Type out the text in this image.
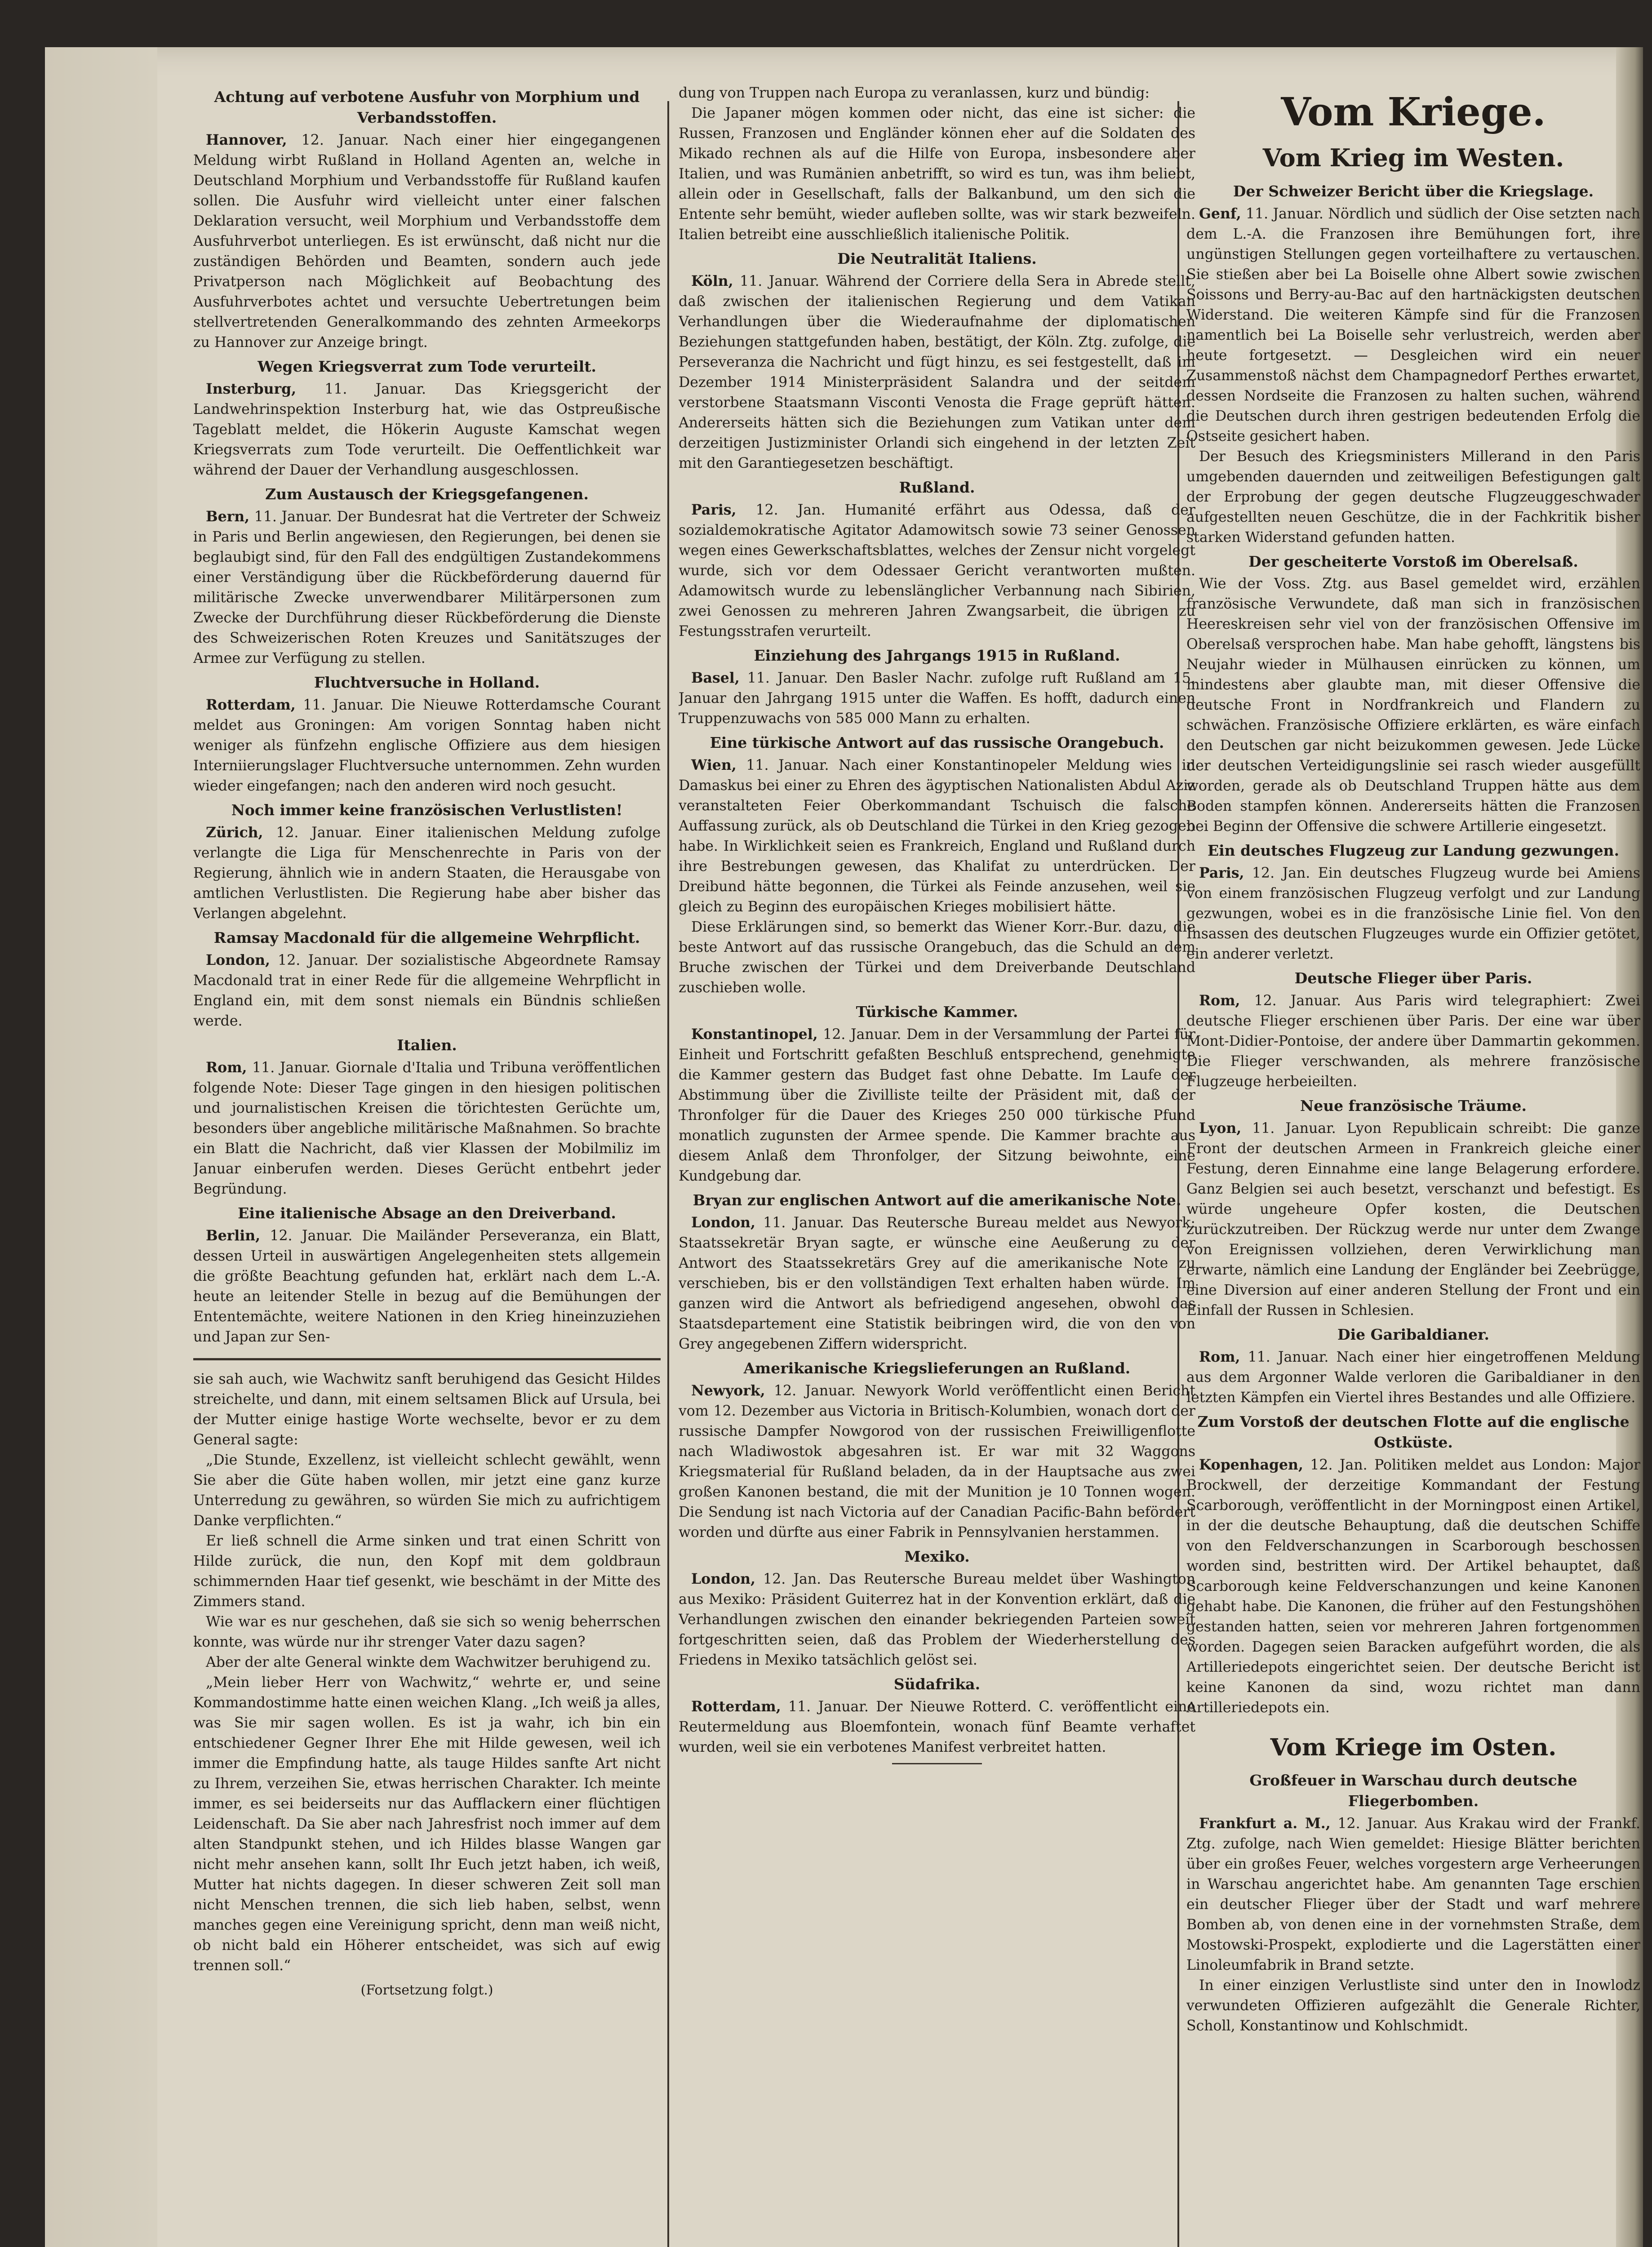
Achtung auf verbotene Ausfuhr von Morphium und Verbandsstoffen.

Hannover, 12. Januar. Nach einer hier eingegangenen Meldung wirbt Rußland in Holland Agenten an, welche in Deutschland Morphium und Verbandsstoffe für Rußland kaufen sollen. Die Ausfuhr wird vielleicht unter einer falschen Deklaration versucht, weil Morphium und Verbandsstoffe dem Ausfuhrverbot unterliegen. Es ist erwünscht, daß nicht nur die zuständigen Behörden und Beamten, sondern auch jede Privatperson nach Möglichkeit auf Beobachtung des Ausfuhrverbotes achtet und versuchte Uebertretungen beim stellvertretenden Generalkommando des zehnten Armeekorps zu Hannover zur Anzeige bringt.

Wegen Kriegsverrat zum Tode verurteilt.

Insterburg, 11. Januar. Das Kriegsgericht der Landwehrinspektion Insterburg hat, wie das Ostpreußische Tageblatt meldet, die Hökerin Auguste Kamschat wegen Kriegsverrats zum Tode verurteilt. Die Oeffentlichkeit war während der Dauer der Verhandlung ausgeschlossen.

Zum Austausch der Kriegsgefangenen.

Bern, 11. Januar. Der Bundesrat hat die Vertreter der Schweiz in Paris und Berlin angewiesen, den Regierungen, bei denen sie beglaubigt sind, für den Fall des endgültigen Zustandekommens einer Verständigung über die Rückbeförderung dauernd für militärische Zwecke unverwendbarer Militärpersonen zum Zwecke der Durchführung dieser Rückbeförderung die Dienste des Schweizerischen Roten Kreuzes und Sanitätszuges der Armee zur Verfügung zu stellen.

Fluchtversuche in Holland.

Rotterdam, 11. Januar. Die Nieuwe Rotterdamsche Courant meldet aus Groningen: Am vorigen Sonntag haben nicht weniger als fünfzehn englische Offiziere aus dem hiesigen Interniierungslager Fluchtversuche unternommen. Zehn wurden wieder eingefangen; nach den anderen wird noch gesucht.

Noch immer keine französischen Verlustlisten!

Zürich, 12. Januar. Einer italienischen Meldung zufolge verlangte die Liga für Menschenrechte in Paris von der Regierung, ähnlich wie in andern Staaten, die Herausgabe von amtlichen Verlustlisten. Die Regierung habe aber bisher das Verlangen abgelehnt.

Ramsay Macdonald für die allgemeine Wehrpflicht.

London, 12. Januar. Der sozialistische Abgeordnete Ramsay Macdonald trat in einer Rede für die allgemeine Wehrpflicht in England ein, mit dem sonst niemals ein Bündnis schließen werde.

Italien.

Rom, 11. Januar. Giornale d'Italia und Tribuna veröffentlichen folgende Note: Dieser Tage gingen in den hiesigen politischen und journalistischen Kreisen die törichtesten Gerüchte um, besonders über angebliche militärische Maßnahmen. So brachte ein Blatt die Nachricht, daß vier Klassen der Mobilmiliz im Januar einberufen werden. Dieses Gerücht entbehrt jeder Begründung.

Eine italienische Absage an den Dreiverband.

Berlin, 12. Januar. Die Mailänder Perseveranza, ein Blatt, dessen Urteil in auswärtigen Angelegenheiten stets allgemein die größte Beachtung gefunden hat, erklärt nach dem L.-A. heute an leitender Stelle in bezug auf die Bemühungen der Ententemächte, weitere Nationen in den Krieg hineinzuziehen und Japan zur Sen-

sie sah auch, wie Wachwitz sanft beruhigend das Gesicht Hildes streichelte, und dann, mit einem seltsamen Blick auf Ursula, bei der Mutter einige hastige Worte wechselte, bevor er zu dem General sagte:

„Die Stunde, Exzellenz, ist vielleicht schlecht gewählt, wenn Sie aber die Güte haben wollen, mir jetzt eine ganz kurze Unterredung zu gewähren, so würden Sie mich zu aufrichtigem Danke verpflichten.“

Er ließ schnell die Arme sinken und trat einen Schritt von Hilde zurück, die nun, den Kopf mit dem goldbraun schimmernden Haar tief gesenkt, wie beschämt in der Mitte des Zimmers stand.

Wie war es nur geschehen, daß sie sich so wenig beherrschen konnte, was würde nur ihr strenger Vater dazu sagen?

Aber der alte General winkte dem Wachwitzer beruhigend zu.

„Mein lieber Herr von Wachwitz,“ wehrte er, und seine Kommandostimme hatte einen weichen Klang. „Ich weiß ja alles, was Sie mir sagen wollen. Es ist ja wahr, ich bin ein entschiedener Gegner Ihrer Ehe mit Hilde gewesen, weil ich immer die Empfindung hatte, als tauge Hildes sanfte Art nicht zu Ihrem, verzeihen Sie, etwas herrischen Charakter. Ich meinte immer, es sei beiderseits nur das Aufflackern einer flüchtigen Leidenschaft. Da Sie aber nach Jahresfrist noch immer auf dem alten Standpunkt stehen, und ich Hildes blasse Wangen gar nicht mehr ansehen kann, sollt Ihr Euch jetzt haben, ich weiß, Mutter hat nichts dagegen. In dieser schweren Zeit soll man nicht Menschen trennen, die sich lieb haben, selbst, wenn manches gegen eine Vereinigung spricht, denn man weiß nicht, ob nicht bald ein Höherer entscheidet, was sich auf ewig trennen soll.“

(Fortsetzung folgt.)

dung von Truppen nach Europa zu veranlassen, kurz und bündig:

Die Japaner mögen kommen oder nicht, das eine ist sicher: die Russen, Franzosen und Engländer können eher auf die Soldaten des Mikado rechnen als auf die Hilfe von Europa, insbesondere aber Italien, und was Rumänien anbetrifft, so wird es tun, was ihm beliebt, allein oder in Gesellschaft, falls der Balkanbund, um den sich die Entente sehr bemüht, wieder aufleben sollte, was wir stark bezweifeln. Italien betreibt eine ausschließlich italienische Politik.

Die Neutralität Italiens.

Köln, 11. Januar. Während der Corriere della Sera in Abrede stellt, daß zwischen der italienischen Regierung und dem Vatikan Verhandlungen über die Wiederaufnahme der diplomatischen Beziehungen stattgefunden haben, bestätigt, der Köln. Ztg. zufolge, die Perseveranza die Nachricht und fügt hinzu, es sei festgestellt, daß im Dezember 1914 Ministerpräsident Salandra und der seitdem verstorbene Staatsmann Visconti Venosta die Frage geprüft hätten. Andererseits hätten sich die Beziehungen zum Vatikan unter dem derzeitigen Justizminister Orlandi sich eingehend in der letzten Zeit mit den Garantiegesetzen beschäftigt.

Rußland.

Paris, 12. Jan. Humanité erfährt aus Odessa, daß der sozialdemokratische Agitator Adamowitsch sowie 73 seiner Genossen wegen eines Gewerkschaftsblattes, welches der Zensur nicht vorgelegt wurde, sich vor dem Odessaer Gericht verantworten mußten. Adamowitsch wurde zu lebenslänglicher Verbannung nach Sibirien, zwei Genossen zu mehreren Jahren Zwangsarbeit, die übrigen zu Festungsstrafen verurteilt.

Einziehung des Jahrgangs 1915 in Rußland.

Basel, 11. Januar. Den Basler Nachr. zufolge ruft Rußland am 15. Januar den Jahrgang 1915 unter die Waffen. Es hofft, dadurch einen Truppenzuwachs von 585 000 Mann zu erhalten.

Eine türkische Antwort auf das russische Orangebuch.

Wien, 11. Januar. Nach einer Konstantinopeler Meldung wies in Damaskus bei einer zu Ehren des ägyptischen Nationalisten Abdul Aziz veranstalteten Feier Oberkommandant Tschuisch die falsche Auffassung zurück, als ob Deutschland die Türkei in den Krieg gezogen habe. In Wirklichkeit seien es Frankreich, England und Rußland durch ihre Bestrebungen gewesen, das Khalifat zu unterdrücken. Der Dreibund hätte begonnen, die Türkei als Feinde anzusehen, weil sie gleich zu Beginn des europäischen Krieges mobilisiert hätte.

Diese Erklärungen sind, so bemerkt das Wiener Korr.-Bur. dazu, die beste Antwort auf das russische Orangebuch, das die Schuld an dem Bruche zwischen der Türkei und dem Dreiverbande Deutschland zuschieben wolle.

Türkische Kammer.

Konstantinopel, 12. Januar. Dem in der Versammlung der Partei für Einheit und Fortschritt gefaßten Beschluß entsprechend, genehmigte die Kammer gestern das Budget fast ohne Debatte. Im Laufe der Abstimmung über die Zivilliste teilte der Präsident mit, daß der Thronfolger für die Dauer des Krieges 250 000 türkische Pfund monatlich zugunsten der Armee spende. Die Kammer brachte aus diesem Anlaß dem Thronfolger, der Sitzung beiwohnte, eine Kundgebung dar.

Bryan zur englischen Antwort auf die amerikanische Note.

London, 11. Januar. Das Reutersche Bureau meldet aus Newyork: Staatssekretär Bryan sagte, er wünsche eine Aeußerung zu der Antwort des Staatssekretärs Grey auf die amerikanische Note zu verschieben, bis er den vollständigen Text erhalten haben würde. Im ganzen wird die Antwort als befriedigend angesehen, obwohl das Staatsdepartement eine Statistik beibringen wird, die von den von Grey angegebenen Ziffern widerspricht.

Amerikanische Kriegslieferungen an Rußland.

Newyork, 12. Januar. Newyork World veröffentlicht einen Bericht vom 12. Dezember aus Victoria in Britisch-Kolumbien, wonach dort der russische Dampfer Nowgorod von der russischen Freiwilligenflotte nach Wladiwostok abgesahren ist. Er war mit 32 Waggons Kriegsmaterial für Rußland beladen, da in der Hauptsache aus zwei großen Kanonen bestand, die mit der Munition je 10 Tonnen wogen. Die Sendung ist nach Victoria auf der Canadian Pacific-Bahn befördert worden und dürfte aus einer Fabrik in Pennsylvanien herstammen.

Mexiko.

London, 12. Jan. Das Reutersche Bureau meldet über Washington aus Mexiko: Präsident Guiterrez hat in der Konvention erklärt, daß die Verhandlungen zwischen den einander bekriegenden Parteien soweit fortgeschritten seien, daß das Problem der Wiederherstellung des Friedens in Mexiko tatsächlich gelöst sei.

Südafrika.

Rotterdam, 11. Januar. Der Nieuwe Rotterd. C. veröffentlicht eine Reutermeldung aus Bloemfontein, wonach fünf Beamte verhaftet wurden, weil sie ein verbotenes Manifest verbreitet hatten.

Vom Kriege.
Vom Krieg im Westen.
Der Schweizer Bericht über die Kriegslage.

Genf, 11. Januar. Nördlich und südlich der Oise setzten nach dem L.-A. die Franzosen ihre Bemühungen fort, ihre ungünstigen Stellungen gegen vorteilhaftere zu vertauschen. Sie stießen aber bei La Boiselle ohne Albert sowie zwischen Soissons und Berry-au-Bac auf den hartnäckigsten deutschen Widerstand. Die weiteren Kämpfe sind für die Franzosen namentlich bei La Boiselle sehr verlustreich, werden aber heute fortgesetzt. — Desgleichen wird ein neuer Zusammenstoß nächst dem Champagnedorf Perthes erwartet, dessen Nordseite die Franzosen zu halten suchen, während die Deutschen durch ihren gestrigen bedeutenden Erfolg die Ostseite gesichert haben.

Der Besuch des Kriegsministers Millerand in den Paris umgebenden dauernden und zeitweiligen Befestigungen galt der Erprobung der gegen deutsche Flugzeuggeschwader aufgestellten neuen Geschütze, die in der Fachkritik bisher starken Widerstand gefunden hatten.

Der gescheiterte Vorstoß im Oberelsaß.

Wie der Voss. Ztg. aus Basel gemeldet wird, erzählen französische Verwundete, daß man sich in französischen Heereskreisen sehr viel von der französischen Offensive im Oberelsaß versprochen habe. Man habe gehofft, längstens bis Neujahr wieder in Mülhausen einrücken zu können, um mindestens aber glaubte man, mit dieser Offensive die deutsche Front in Nordfrankreich und Flandern zu schwächen. Französische Offiziere erklärten, es wäre einfach den Deutschen gar nicht beizukommen gewesen. Jede Lücke der deutschen Verteidigungslinie sei rasch wieder ausgefüllt worden, gerade als ob Deutschland Truppen hätte aus dem Boden stampfen können. Andererseits hätten die Franzosen bei Beginn der Offensive die schwere Artillerie eingesetzt.

Ein deutsches Flugzeug zur Landung gezwungen.

Paris, 12. Jan. Ein deutsches Flugzeug wurde bei Amiens von einem französischen Flugzeug verfolgt und zur Landung gezwungen, wobei es in die französische Linie fiel. Von den Insassen des deutschen Flugzeuges wurde ein Offizier getötet, ein anderer verletzt.

Deutsche Flieger über Paris.

Rom, 12. Januar. Aus Paris wird telegraphiert: Zwei deutsche Flieger erschienen über Paris. Der eine war über Mont-Didier-Pontoise, der andere über Dammartin gekommen. Die Flieger verschwanden, als mehrere französische Flugzeuge herbeieilten.

Neue französische Träume.

Lyon, 11. Januar. Lyon Republicain schreibt: Die ganze Front der deutschen Armeen in Frankreich gleiche einer Festung, deren Einnahme eine lange Belagerung erfordere. Ganz Belgien sei auch besetzt, verschanzt und befestigt. Es würde ungeheure Opfer kosten, die Deutschen zurückzutreiben. Der Rückzug werde nur unter dem Zwange von Ereignissen vollziehen, deren Verwirklichung man erwarte, nämlich eine Landung der Engländer bei Zeebrügge, eine Diversion auf einer anderen Stellung der Front und ein Einfall der Russen in Schlesien.

Die Garibaldianer.

Rom, 11. Januar. Nach einer hier eingetroffenen Meldung aus dem Argonner Walde verloren die Garibaldianer in den letzten Kämpfen ein Viertel ihres Bestandes und alle Offiziere.

Zum Vorstoß der deutschen Flotte auf die englische Ostküste.

Kopenhagen, 12. Jan. Politiken meldet aus London: Major Brockwell, der derzeitige Kommandant der Festung Scarborough, veröffentlicht in der Morningpost einen Artikel, in der die deutsche Behauptung, daß die deutschen Schiffe von den Feldverschanzungen in Scarborough beschossen worden sind, bestritten wird. Der Artikel behauptet, daß Scarborough keine Feldverschanzungen und keine Kanonen gehabt habe. Die Kanonen, die früher auf den Festungshöhen gestanden hatten, seien vor mehreren Jahren fortgenommen worden. Dagegen seien Baracken aufgeführt worden, die als Artilleriedepots eingerichtet seien. Der deutsche Bericht ist keine Kanonen da sind, wozu richtet man dann Artilleriedepots ein.

Vom Kriege im Osten.
Großfeuer in Warschau durch deutsche Fliegerbomben.

Frankfurt a. M., 12. Januar. Aus Krakau wird der Frankf. Ztg. zufolge, nach Wien gemeldet: Hiesige Blätter berichten über ein großes Feuer, welches vorgestern arge Verheerungen in Warschau angerichtet habe. Am genannten Tage erschien ein deutscher Flieger über der Stadt und warf mehrere Bomben ab, von denen eine in der vornehmsten Straße, dem Mostowski-Prospekt, explodierte und die Lagerstätten einer Linoleumfabrik in Brand setzte.

In einer einzigen Verlustliste sind unter den in Inowlodz verwundeten Offizieren aufgezählt die Generale Richter, Scholl, Konstantinow und Kohlschmidt.
